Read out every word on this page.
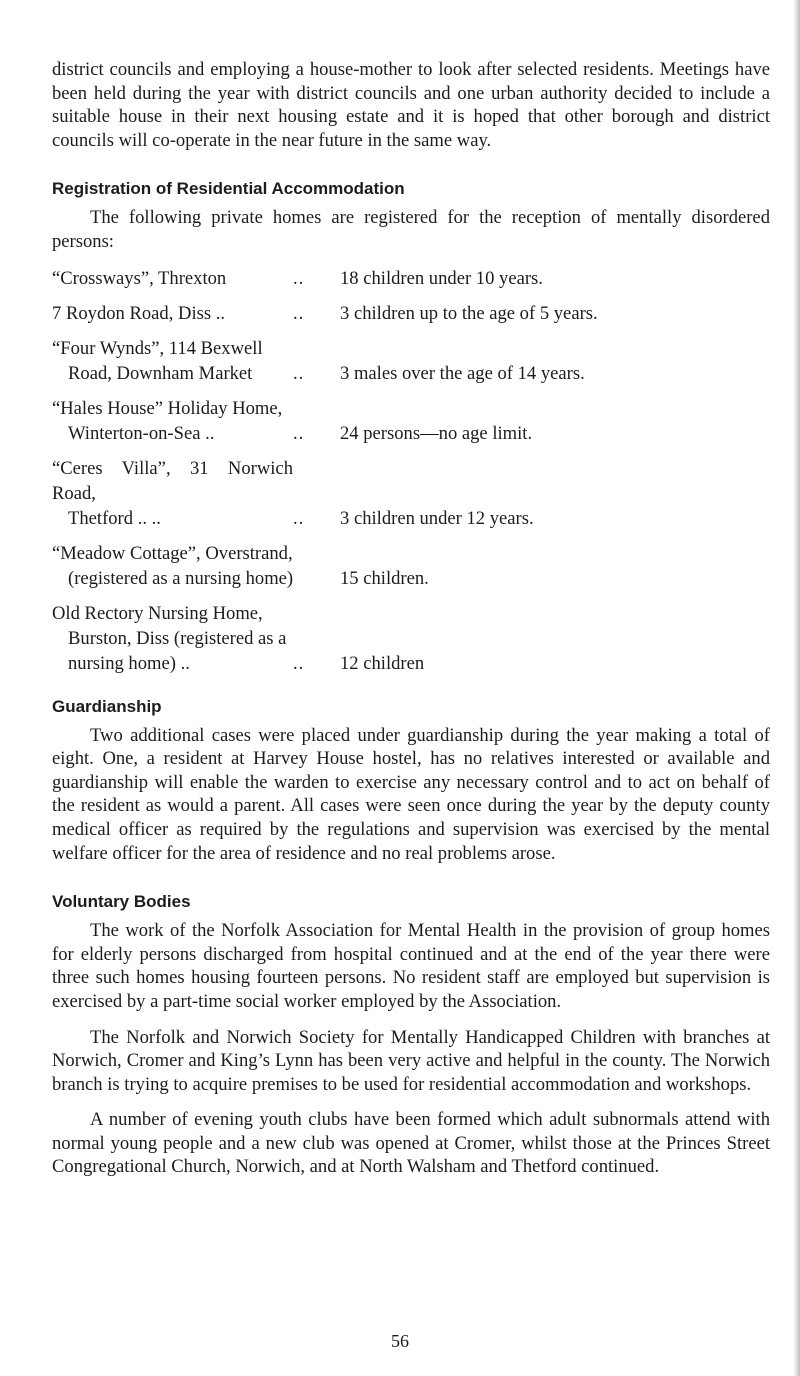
district councils and employing a house-mother to look after selected residents. Meetings have been held during the year with district councils and one urban authority decided to include a suitable house in their next housing estate and it is hoped that other borough and district councils will co-operate in the near future in the same way.

Registration of Residential Accommodation

The following private homes are registered for the reception of mentally disordered persons:

“Crossways”, Threxton	..	18 children under 10 years.
7 Roydon Road, Diss ..	..	3 children up to the age of 5 years.
“Four Wynds”, 114 Bexwell
Road, Downham Market	..	3 males over the age of 14 years.
“Hales House” Holiday Home,
Winterton-on-Sea ..	..	24 persons—no age limit.
“Ceres Villa”, 31 Norwich Road,
Thetford .. ..	..	3 children under 12 years.
“Meadow Cottage”, Overstrand,
(registered as a nursing home)	15 children.
Old Rectory Nursing Home,
Burston, Diss (registered as a
nursing home) ..	..	12 children
Guardianship

Two additional cases were placed under guardianship during the year making a total of eight. One, a resident at Harvey House hostel, has no relatives interested or available and guardianship will enable the warden to exercise any necessary control and to act on behalf of the resident as would a parent. All cases were seen once during the year by the deputy county medical officer as required by the regulations and supervision was exercised by the mental welfare officer for the area of residence and no real problems arose.

Voluntary Bodies

The work of the Norfolk Association for Mental Health in the provision of group homes for elderly persons discharged from hospital continued and at the end of the year there were three such homes housing fourteen persons. No resident staff are employed but supervision is exercised by a part-time social worker employed by the Association.

The Norfolk and Norwich Society for Mentally Handicapped Children with branches at Norwich, Cromer and King’s Lynn has been very active and helpful in the county. The Norwich branch is trying to acquire premises to be used for residential accommodation and workshops.

A number of evening youth clubs have been formed which adult subnormals attend with normal young people and a new club was opened at Cromer, whilst those at the Princes Street Congregational Church, Norwich, and at North Walsham and Thetford continued.

56
